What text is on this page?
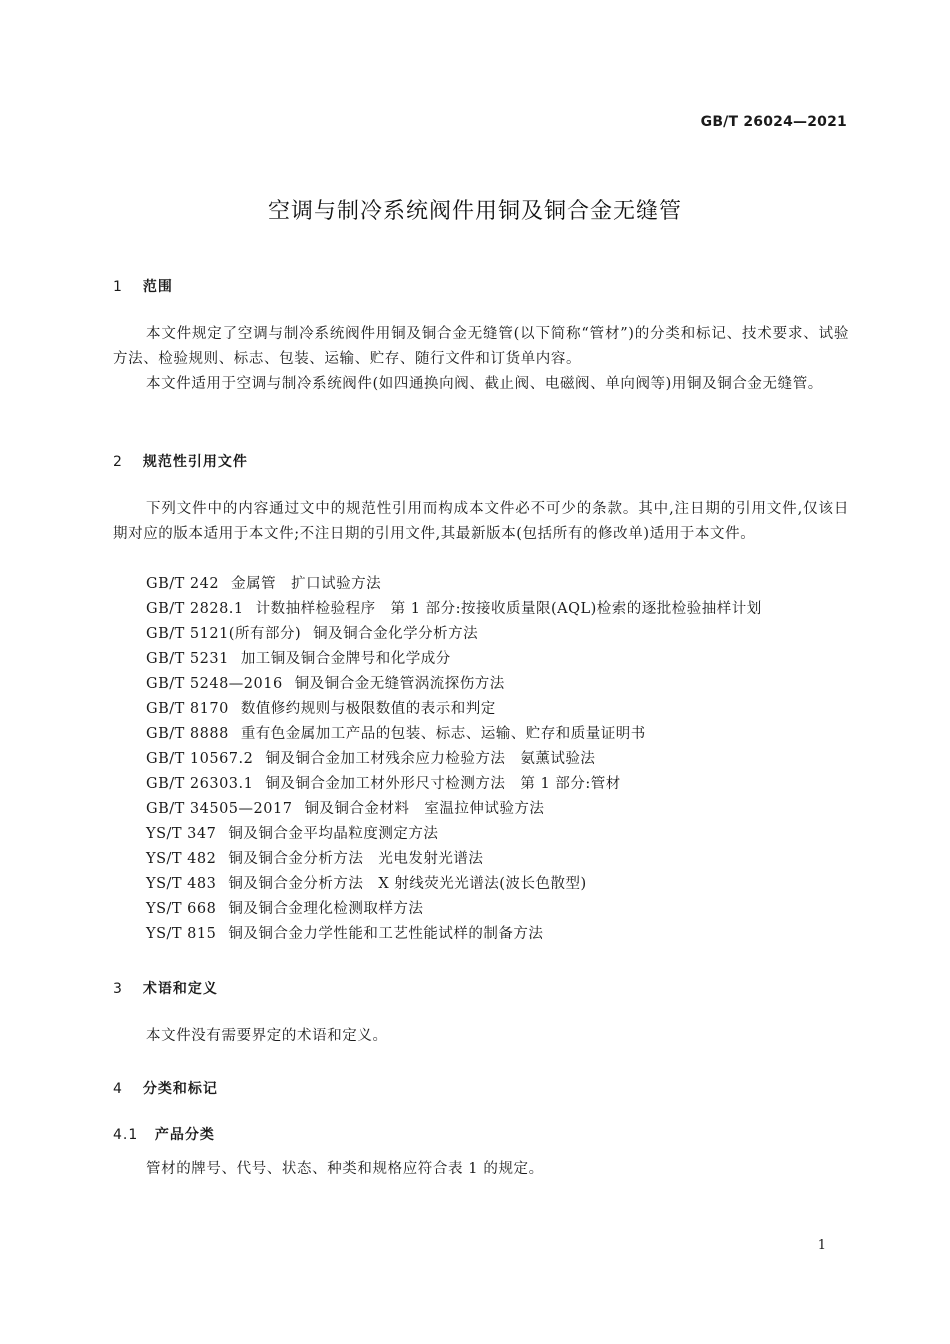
GB/T 26024—2021
空调与制冷系统阀件用铜及铜合金无缝管
1 范围
本文件规定了空调与制冷系统阀件用铜及铜合金无缝管(以下简称“管材”)的分类和标记、技术要求、试验方法、检验规则、标志、包装、运输、贮存、随行文件和订货单内容。
本文件适用于空调与制冷系统阀件(如四通换向阀、截止阀、电磁阀、单向阀等)用铜及铜合金无缝管。
2 规范性引用文件
下列文件中的内容通过文中的规范性引用而构成本文件必不可少的条款。其中,注日期的引用文件,仅该日期对应的版本适用于本文件;不注日期的引用文件,其最新版本(包括所有的修改单)适用于本文件。
GB/T 242 金属管　扩口试验方法
GB/T 2828.1 计数抽样检验程序　第 1 部分:按接收质量限(AQL)检索的逐批检验抽样计划
GB/T 5121(所有部分) 铜及铜合金化学分析方法
GB/T 5231 加工铜及铜合金牌号和化学成分
GB/T 5248—2016 铜及铜合金无缝管涡流探伤方法
GB/T 8170 数值修约规则与极限数值的表示和判定
GB/T 8888 重有色金属加工产品的包装、标志、运输、贮存和质量证明书
GB/T 10567.2 铜及铜合金加工材残余应力检验方法　氨薰试验法
GB/T 26303.1 铜及铜合金加工材外形尺寸检测方法　第 1 部分:管材
GB/T 34505—2017 铜及铜合金材料　室温拉伸试验方法
YS/T 347 铜及铜合金平均晶粒度测定方法
YS/T 482 铜及铜合金分析方法　光电发射光谱法
YS/T 483 铜及铜合金分析方法　X 射线荧光光谱法(波长色散型)
YS/T 668 铜及铜合金理化检测取样方法
YS/T 815 铜及铜合金力学性能和工艺性能试样的制备方法
3 术语和定义
本文件没有需要界定的术语和定义。
4 分类和标记
4.1 产品分类
管材的牌号、代号、状态、种类和规格应符合表 1 的规定。
1
